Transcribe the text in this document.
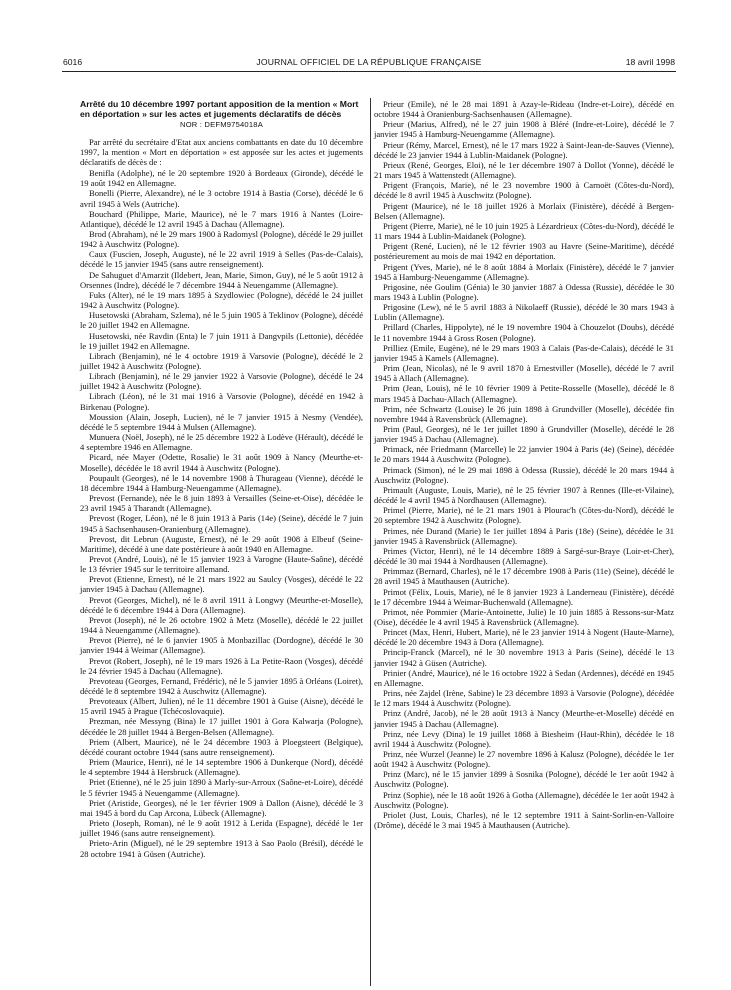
6016	JOURNAL OFFICIEL DE LA RÉPUBLIQUE FRANÇAISE	18 avril 1998
Arrêté du 10 décembre 1997 portant apposition de la mention « Mort en déportation » sur les actes et jugements déclaratifs de décès
NOR : DEFM9754018A

Par arrêté du secrétaire d'Etat aux anciens combattants en date du 10 décembre 1997, la mention « Mort en déportation » est apposée sur les actes et jugements déclaratifs de décès de :

Benifla (Adolphe), né le 20 septembre 1920 à Bordeaux (Gironde), décédé le 19 août 1942 en Allemagne.

Bonelli (Pierre, Alexandre), né le 3 octobre 1914 à Bastia (Corse), décédé le 6 avril 1945 à Wels (Autriche).

Bouchard (Philippe, Marie, Maurice), né le 7 mars 1916 à Nantes (Loire-Atlantique), décédé le 12 avril 1945 à Dachau (Allemagne).

Brod (Abraham), né le 29 mars 1900 à Radomysl (Pologne), décédé le 29 juillet 1942 à Auschwitz (Pologne).

Caux (Fuscien, Joseph, Auguste), né le 22 avril 1919 à Selles (Pas-de-Calais), décédé le 15 janvier 1945 (sans autre renseignement).

De Sahuguet d'Amarzit (Ildebert, Jean, Marie, Simon, Guy), né le 5 août 1912 à Orsennes (Indre), décédé le 7 décembre 1944 à Neuengamme (Allemagne).

Fuks (Alter), né le 19 mars 1895 à Szydlowiec (Pologne), décédé le 24 juillet 1942 à Auschwitz (Pologne).

Husetowski (Abraham, Szlema), né le 5 juin 1905 à Teklinov (Pologne), décédé le 20 juillet 1942 en Allemagne.

Husetowski, née Ravdin (Enta) le 7 juin 1911 à Dangvpils (Lettonie), décédée le 19 juillet 1942 en Allemagne.

Librach (Benjamin), né le 4 octobre 1919 à Varsovie (Pologne), décédé le 2 juillet 1942 à Auschwitz (Pologne).

Librach (Benjamin), né le 29 janvier 1922 à Varsovie (Pologne), décédé le 24 juillet 1942 à Auschwitz (Pologne).

Librach (Léon), né le 31 mai 1916 à Varsovie (Pologne), décédé en 1942 à Birkenau (Pologne).

Moussion (Alain, Joseph, Lucien), né le 7 janvier 1915 à Nesmy (Vendée), décédé le 5 septembre 1944 à Mulsen (Allemagne).

Munuera (Noël, Joseph), né le 25 décembre 1922 à Lodève (Hérault), décédé le 4 septembre 1946 en Allemagne.

Picard, née Mayer (Odette, Rosalie) le 31 août 1909 à Nancy (Meurthe-et-Moselle), décédée le 18 avril 1944 à Auschwitz (Pologne).

Poupault (Georges), né le 14 novembre 1908 à Thurageau (Vienne), décédé le 18 décembre 1944 à Hamburg-Neuengamme (Allemagne).

Prevost (Fernande), née le 8 juin 1893 à Versailles (Seine-et-Oise), décédée le 23 avril 1945 à Tharandt (Allemagne).

Prevost (Roger, Léon), né le 8 juin 1913 à Paris (14e) (Seine), décédé le 7 juin 1945 à Sachsenhausen-Oranienburg (Allemagne).

Prevost, dit Lebrun (Auguste, Ernest), né le 29 août 1908 à Elbeuf (Seine-Maritime), décédé à une date postérieure à août 1940 en Allemagne.

Prevot (André, Louis), né le 15 janvier 1923 à Varogne (Haute-Saône), décédé le 13 février 1945 sur le territoire allemand.

Prevot (Etienne, Ernest), né le 21 mars 1922 au Saulcy (Vosges), décédé le 22 janvier 1945 à Dachau (Allemagne).

Prevot (Georges, Michel), né le 8 avril 1911 à Longwy (Meurthe-et-Moselle), décédé le 6 décembre 1944 à Dora (Allemagne).

Prevot (Joseph), né le 26 octobre 1902 à Metz (Moselle), décédé le 22 juillet 1944 à Neuengamme (Allemagne).

Prevot (Pierre), né le 6 janvier 1905 à Monbazillac (Dordogne), décédé le 30 janvier 1944 à Weimar (Allemagne).

Prevot (Robert, Joseph), né le 19 mars 1926 à La Petite-Raon (Vosges), décédé le 24 février 1945 à Dachau (Allemagne).

Prevoteau (Georges, Fernand, Frédéric), né le 5 janvier 1895 à Orléans (Loiret), décédé le 8 septembre 1942 à Auschwitz (Allemagne).

Prevoteaux (Albert, Julien), né le 11 décembre 1901 à Guise (Aisne), décédé le 15 avril 1945 à Prague (Tchécoslovaquie).

Prezman, née Messyng (Bina) le 17 juillet 1901 à Gora Kalwarja (Pologne), décédée le 28 juillet 1944 à Bergen-Belsen (Allemagne).

Priem (Albert, Maurice), né le 24 décembre 1903 à Ploegsteert (Belgique), décédé courant octobre 1944 (sans autre renseignement).

Priem (Maurice, Henri), né le 14 septembre 1906 à Dunkerque (Nord), décédé le 4 septembre 1944 à Hersbruck (Allemagne).

Priet (Etienne), né le 25 juin 1890 à Marly-sur-Arroux (Saône-et-Loire), décédé le 5 février 1945 à Neuengamme (Allemagne).

Priet (Aristide, Georges), né le 1er février 1909 à Dallon (Aisne), décédé le 3 mai 1945 à bord du Cap Arcona, Lübeck (Allemagne).

Prieto (Joseph, Roman), né le 9 août 1912 à Lerida (Espagne), décédé le 1er juillet 1946 (sans autre renseignement).

Prieto-Arin (Miguel), né le 29 septembre 1913 à Sao Paolo (Brésil), décédé le 28 octobre 1941 à Güsen (Autriche).

Prieur (Emile), né le 28 mai 1891 à Azay-le-Rideau (Indre-et-Loire), décédé en octobre 1944 à Oranienburg-Sachsenhausen (Allemagne).

Prieur (Marius, Alfred), né le 27 juin 1908 à Bléré (Indre-et-Loire), décédé le 7 janvier 1945 à Hamburg-Neuengamme (Allemagne).

Prieur (Rémy, Marcel, Ernest), né le 17 mars 1922 à Saint-Jean-de-Sauves (Vienne), décédé le 23 janvier 1944 à Lublin-Maidanek (Pologne).

Prieux (René, Georges, Eloi), né le 1er décembre 1907 à Dollot (Yonne), décédé le 21 mars 1945 à Wattenstedt (Allemagne).

Prigent (François, Marie), né le 23 novembre 1900 à Carnoët (Côtes-du-Nord), décédé le 8 avril 1945 à Auschwitz (Pologne).

Prigent (Maurice), né le 18 juillet 1926 à Morlaix (Finistère), décédé à Bergen-Belsen (Allemagne).

Prigent (Pierre, Marie), né le 10 juin 1925 à Lézardrieux (Côtes-du-Nord), décédé le 11 mars 1944 à Lublin-Maidanek (Pologne).

Prigent (René, Lucien), né le 12 février 1903 au Havre (Seine-Maritime), décédé postérieurement au mois de mai 1942 en déportation.

Prigent (Yves, Marie), né le 8 août 1884 à Morlaix (Finistère), décédé le 7 janvier 1945 à Hamburg-Neuengamme (Allemagne).

Prigosine, née Goulim (Génia) le 30 janvier 1887 à Odessa (Russie), décédée le 30 mars 1943 à Lublin (Pologne).

Prigosine (Lew), né le 5 avril 1883 à Nikolaeff (Russie), décédé le 30 mars 1943 à Lublin (Allemagne).

Prillard (Charles, Hippolyte), né le 19 novembre 1904 à Chouzelot (Doubs), décédé le 11 novembre 1944 à Gross Rosen (Pologne).

Prilliez (Emile, Eugène), né le 29 mars 1903 à Calais (Pas-de-Calais), décédé le 31 janvier 1945 à Kamels (Allemagne).

Prim (Jean, Nicolas), né le 9 avril 1870 à Ernestviller (Moselle), décédé le 7 avril 1945 à Allach (Allemagne).

Prim (Jean, Louis), né le 10 février 1909 à Petite-Rosselle (Moselle), décédé le 8 mars 1945 à Dachau-Allach (Allemagne).

Prim, née Schwartz (Louise) le 26 juin 1898 à Grundviller (Moselle), décédée fin novembre 1944 à Ravensbrück (Allemagne).

Prim (Paul, Georges), né le 1er juillet 1890 à Grundviller (Moselle), décédé le 28 janvier 1945 à Dachau (Allemagne).

Primack, née Friedmann (Marcelle) le 22 janvier 1904 à Paris (4e) (Seine), décédée le 20 mars 1944 à Auschwitz (Pologne).

Primack (Simon), né le 29 mai 1898 à Odessa (Russie), décédé le 20 mars 1944 à Auschwitz (Pologne).

Primault (Auguste, Louis, Marie), né le 25 février 1907 à Rennes (Ille-et-Vilaine), décédé le 4 avril 1945 à Nordhausen (Allemagne).

Primel (Pierre, Marie), né le 21 mars 1901 à Plourac'h (Côtes-du-Nord), décédé le 20 septembre 1942 à Auschwitz (Pologne).

Primes, née Durand (Marie) le 1er juillet 1894 à Paris (18e) (Seine), décédée le 31 janvier 1945 à Ravensbrück (Allemagne).

Primes (Victor, Henri), né le 14 décembre 1889 à Sargé-sur-Braye (Loir-et-Cher), décédé le 30 mai 1944 à Nordhausen (Allemagne).

Primmaz (Bernard, Charles), né le 17 décembre 1908 à Paris (11e) (Seine), décédé le 28 avril 1945 à Mauthausen (Autriche).

Primot (Félix, Louis, Marie), né le 8 janvier 1923 à Landerneau (Finistère), décédé le 17 décembre 1944 à Weimar-Buchenwald (Allemagne).

Primot, née Pommier (Marie-Antoinette, Julie) le 10 juin 1885 à Ressons-sur-Matz (Oise), décédée le 4 avril 1945 à Ravensbrück (Allemagne).

Princet (Max, Henri, Hubert, Marie), né le 23 janvier 1914 à Nogent (Haute-Marne), décédé le 20 décembre 1943 à Dora (Allemagne).

Princip-Franck (Marcel), né le 30 novembre 1913 à Paris (Seine), décédé le 13 janvier 1942 à Güsen (Autriche).

Prinier (André, Maurice), né le 16 octobre 1922 à Sedan (Ardennes), décédé en 1945 en Allemagne.

Prins, née Zajdel (Irène, Sabine) le 23 décembre 1893 à Varsovie (Pologne), décédée le 12 mars 1944 à Auschwitz (Pologne).

Prinz (André, Jacob), né le 28 août 1913 à Nancy (Meurthe-et-Moselle) décédé en janvier 1945 à Dachau (Allemagne).

Prinz, née Levy (Dina) le 19 juillet 1868 à Biesheim (Haut-Rhin), décédée le 18 avril 1944 à Auschwitz (Pologne).

Prinz, née Wurzel (Jeanne) le 27 novembre 1896 à Kalusz (Pologne), décédée le 1er août 1942 à Auschwitz (Pologne).

Prinz (Marc), né le 15 janvier 1899 à Sosnika (Pologne), décédé le 1er août 1942 à Auschwitz (Pologne).

Prinz (Sophie), née le 18 août 1926 à Gotha (Allemagne), décédée le 1er août 1942 à Auschwitz (Pologne).

Priolet (Just, Louis, Charles), né le 12 septembre 1911 à Saint-Sorlin-en-Valloire (Drôme), décédé le 3 mai 1945 à Mauthausen (Autriche).
